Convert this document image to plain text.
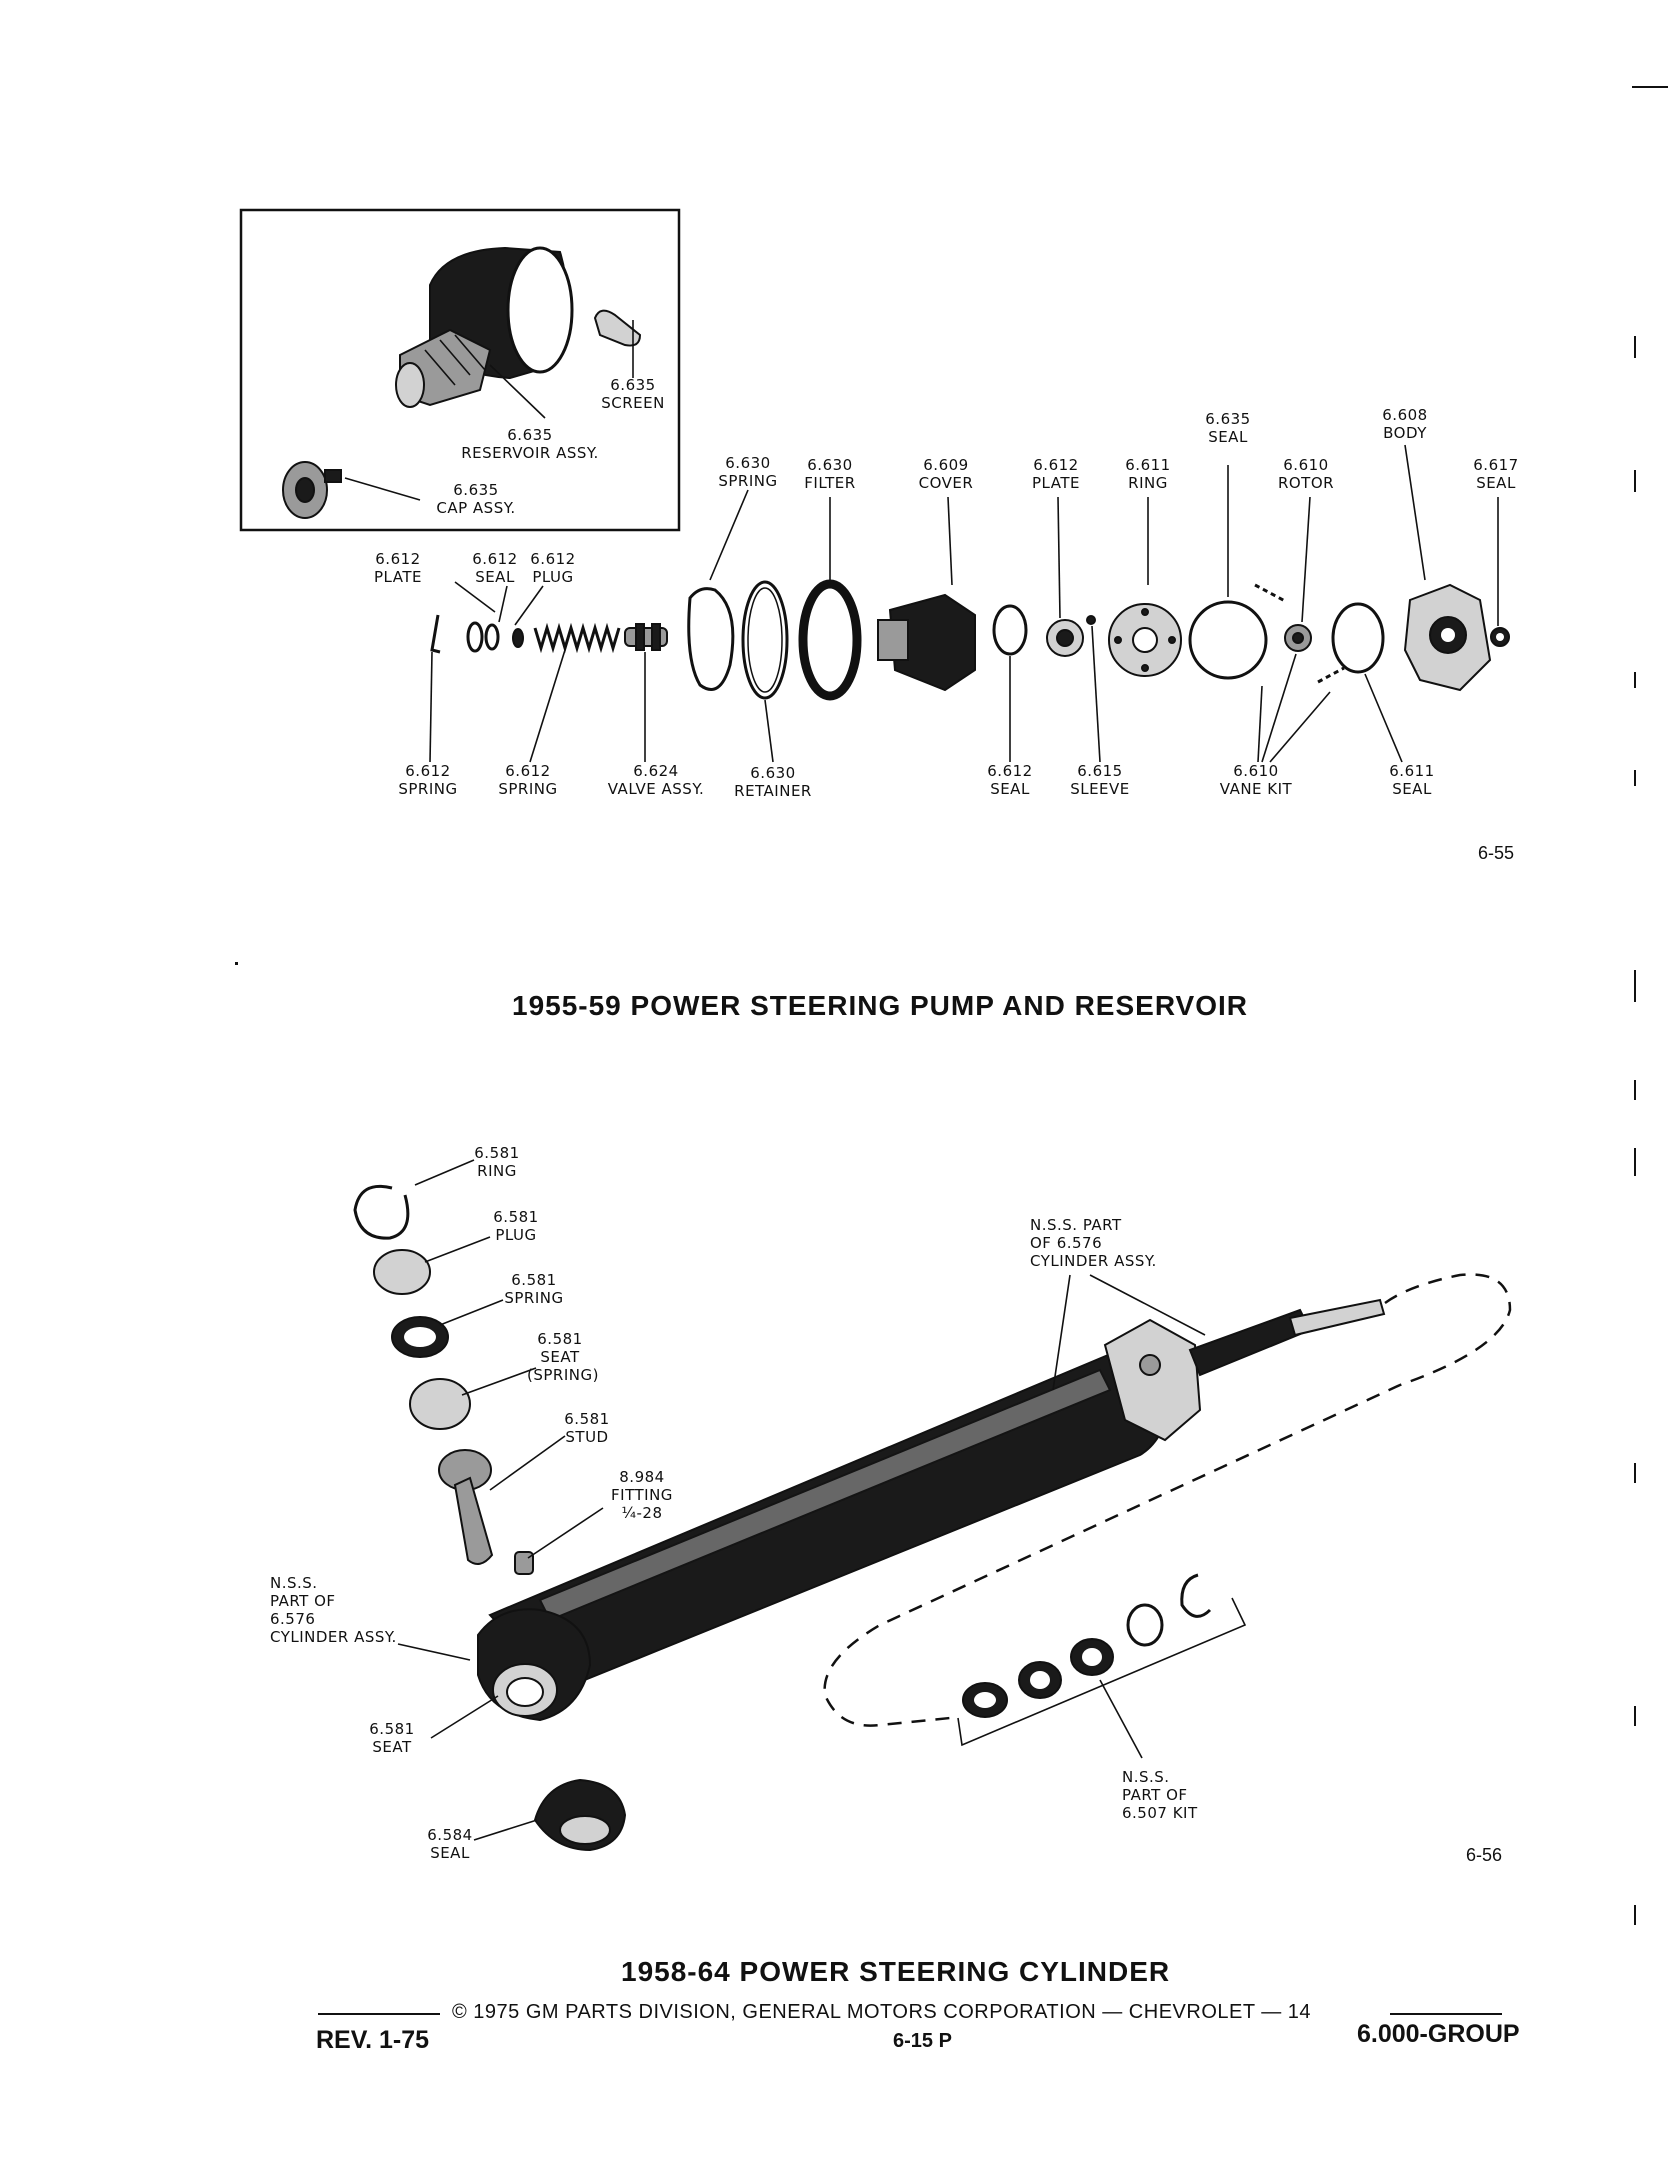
6.635
SCREEN
6.635
RESERVOIR ASSY.
6.635
CAP ASSY.
6.612
PLATE
6.612
SEAL
6.612
PLUG
6.630
SPRING
6.630
FILTER
6.609
COVER
6.612
PLATE
6.611
RING
6.635
SEAL
6.610
ROTOR
6.608
BODY
6.617
SEAL
6.612
SPRING
6.612
SPRING
6.624
VALVE ASSY.
6.630
RETAINER
6.612
SEAL
6.615
SLEEVE
6.610
VANE KIT
6.611
SEAL
6.581
RING
6.581
PLUG
6.581
SPRING
6.581
SEAT
(SPRING)
6.581
STUD
8.984
FITTING
¼-28
N.S.S. PART
OF 6.576
CYLINDER ASSY.
N.S.S.
PART OF
6.576
CYLINDER ASSY.
6.581
SEAT
6.584
SEAL
N.S.S.
PART OF
6.507 KIT
6-55
1955-59 POWER STEERING PUMP AND RESERVOIR
6-56
1958-64 POWER STEERING CYLINDER
© 1975 GM PARTS DIVISION, GENERAL MOTORS CORPORATION — CHEVROLET — 14
REV. 1-75	6-15 P	6.000-GROUP
